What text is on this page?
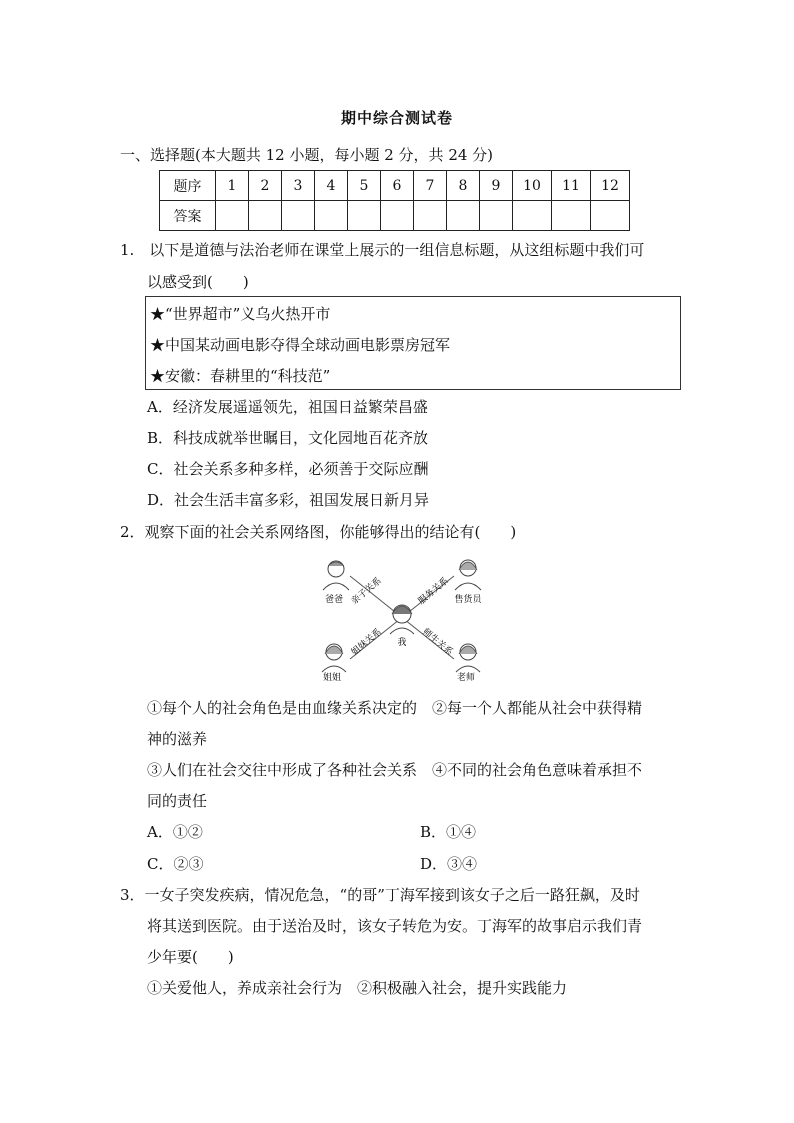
期中综合测试卷
一、选择题(本大题共 12 小题，每小题 2 分，共 24 分)
题序	1	2	3	4	5	6	7	8	9	10	11	12
答案												
1.　以下是道德与法治老师在课堂上展示的一组信息标题，从这组标题中我们可
以感受到(　　)
★“世界超市”义乌火热开市
★中国某动画电影夺得全球动画电影票房冠军
★安徽：春耕里的“科技范”
A．经济发展遥遥领先，祖国日益繁荣昌盛
B．科技成就举世瞩目，文化园地百花齐放
C．社会关系多种多样，必须善于交际应酬
D．社会生活丰富多彩，祖国发展日新月异
2．观察下面的社会关系网络图，你能够得出的结论有(　　)
亲子关系	服务关系
姐妹关系	师生关系
爸爸	售货员
我
姐姐	老师
①每个人的社会角色是由血缘关系决定的　②每一个人都能从社会中获得精
神的滋养
③人们在社会交往中形成了各种社会关系　④不同的社会角色意味着承担不
同的责任
A．①②	B．①④
C．②③	D．③④
3．一女子突发疾病，情况危急，“的哥”丁海军接到该女子之后一路狂飙，及时
将其送到医院。由于送治及时，该女子转危为安。丁海军的故事启示我们青
少年要(　　)
①关爱他人，养成亲社会行为　②积极融入社会，提升实践能力
